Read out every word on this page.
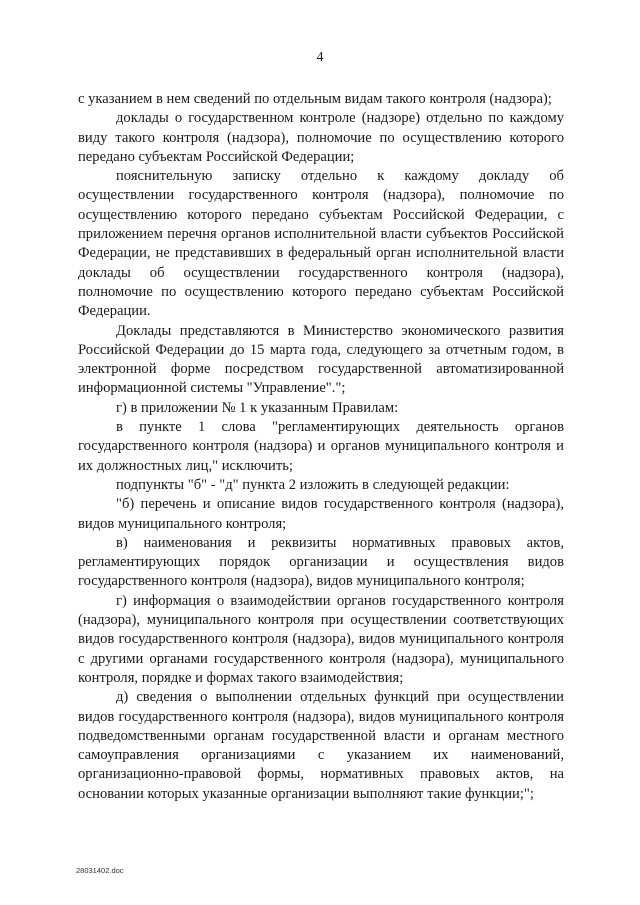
4

с указанием в нем сведений по отдельным видам такого контроля (надзора);

доклады о государственном контроле (надзоре) отдельно по каждому виду такого контроля (надзора), полномочие по осуществлению которого передано субъектам Российской Федерации;

пояснительную записку отдельно к каждому докладу об осуществлении государственного контроля (надзора), полномочие по осуществлению которого передано субъектам Российской Федерации, с приложением перечня органов исполнительной власти субъектов Российской Федерации, не представивших в федеральный орган исполнительной власти доклады об осуществлении государственного контроля (надзора), полномочие по осуществлению которого передано субъектам Российской Федерации.

Доклады представляются в Министерство экономического развития Российской Федерации до 15 марта года, следующего за отчетным годом, в электронной форме посредством государственной автоматизированной информационной системы "Управление".";

г) в приложении № 1 к указанным Правилам:

в пункте 1 слова "регламентирующих деятельность органов государственного контроля (надзора) и органов муниципального контроля и их должностных лиц," исключить;

подпункты "б" - "д" пункта 2 изложить в следующей редакции:

"б) перечень и описание видов государственного контроля (надзора), видов муниципального контроля;

в) наименования и реквизиты нормативных правовых актов, регламентирующих порядок организации и осуществления видов государственного контроля (надзора), видов муниципального контроля;

г) информация о взаимодействии органов государственного контроля (надзора), муниципального контроля при осуществлении соответствующих видов государственного контроля (надзора), видов муниципального контроля с другими органами государственного контроля (надзора), муниципального контроля, порядке и формах такого взаимодействия;

д) сведения о выполнении отдельных функций при осуществлении видов государственного контроля (надзора), видов муниципального контроля подведомственными органам государственной власти и органам местного самоуправления организациями с указанием их наименований, организационно-правовой формы, нормативных правовых актов, на основании которых указанные организации выполняют такие функции;";

28031402.doc
